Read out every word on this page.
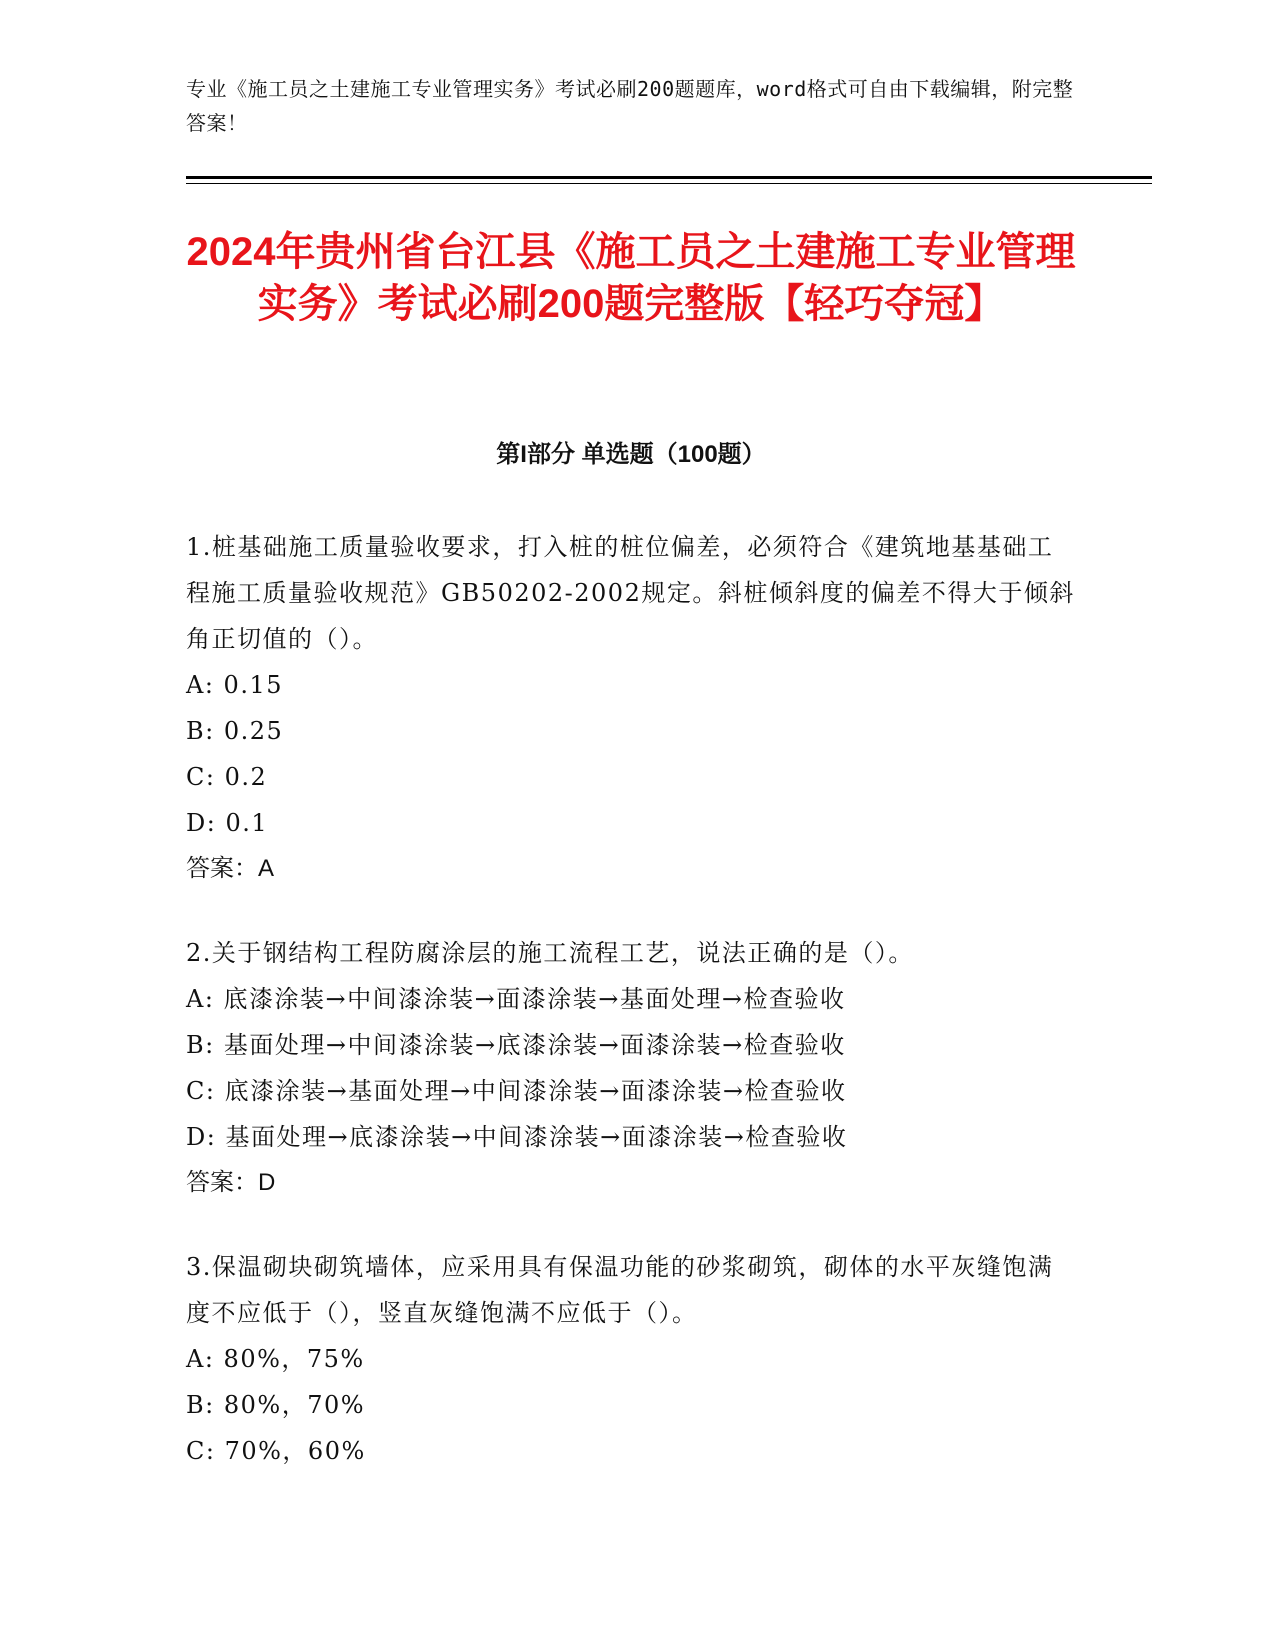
专业《施工员之土建施工专业管理实务》考试必刷200题题库，word格式可自由下载编辑，附完整答案！
2024年贵州省台江县《施工员之土建施工专业管理实务》考试必刷200题完整版【轻巧夺冠】
第I部分 单选题（100题）

1.桩基础施工质量验收要求，打入桩的桩位偏差，必须符合《建筑地基基础工程施工质量验收规范》GB50202-2002规定。斜桩倾斜度的偏差不得大于倾斜角正切值的（）。

A: 0.15

B: 0.25

C: 0.2

D: 0.1

答案：A

2.关于钢结构工程防腐涂层的施工流程工艺，说法正确的是（）。

A: 底漆涂装→中间漆涂装→面漆涂装→基面处理→检查验收

B: 基面处理→中间漆涂装→底漆涂装→面漆涂装→检查验收

C: 底漆涂装→基面处理→中间漆涂装→面漆涂装→检查验收

D: 基面处理→底漆涂装→中间漆涂装→面漆涂装→检查验收

答案：D

3.保温砌块砌筑墙体，应采用具有保温功能的砂浆砌筑，砌体的水平灰缝饱满度不应低于（），竖直灰缝饱满不应低于（）。

A: 80%，75%

B: 80%，70%

C: 70%，60%
